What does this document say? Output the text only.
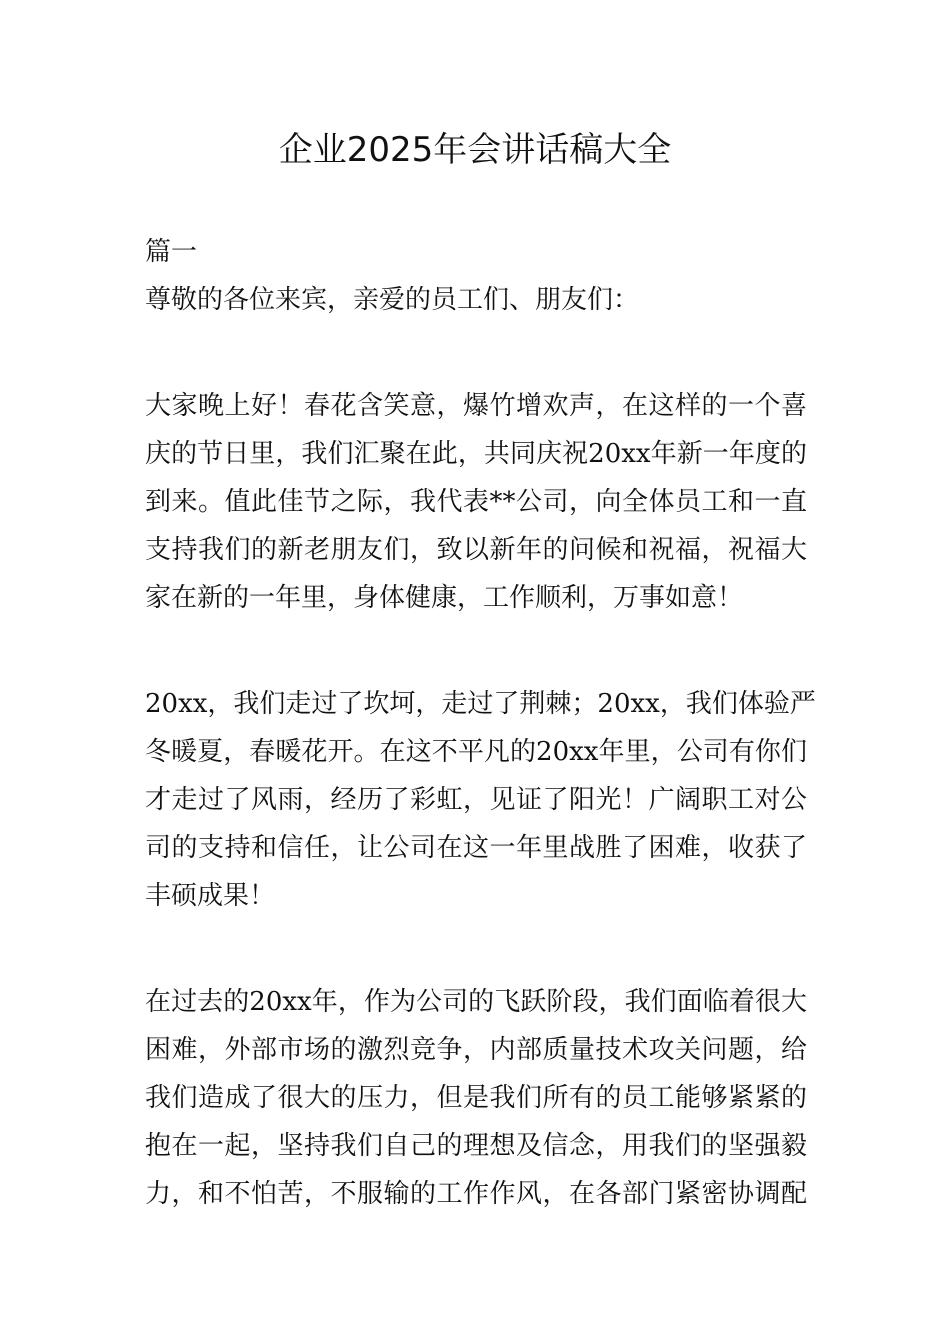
企业2025年会讲话稿大全

篇一

尊敬的各位来宾，亲爱的员工们、朋友们：

大家晚上好！春花含笑意，爆竹增欢声，在这样的一个喜

庆的节日里，我们汇聚在此，共同庆祝20xx年新一年度的

到来。值此佳节之际，我代表**公司，向全体员工和一直

支持我们的新老朋友们，致以新年的问候和祝福，祝福大

家在新的一年里，身体健康，工作顺利，万事如意！

20xx，我们走过了坎坷，走过了荆棘；20xx，我们体验严

冬暖夏，春暖花开。在这不平凡的20xx年里，公司有你们

才走过了风雨，经历了彩虹，见证了阳光！广阔职工对公

司的支持和信任，让公司在这一年里战胜了困难，收获了

丰硕成果！

在过去的20xx年，作为公司的飞跃阶段，我们面临着很大

困难，外部市场的激烈竞争，内部质量技术攻关问题，给

我们造成了很大的压力，但是我们所有的员工能够紧紧的

抱在一起，坚持我们自己的理想及信念，用我们的坚强毅

力，和不怕苦，不服输的工作作风，在各部门紧密协调配
